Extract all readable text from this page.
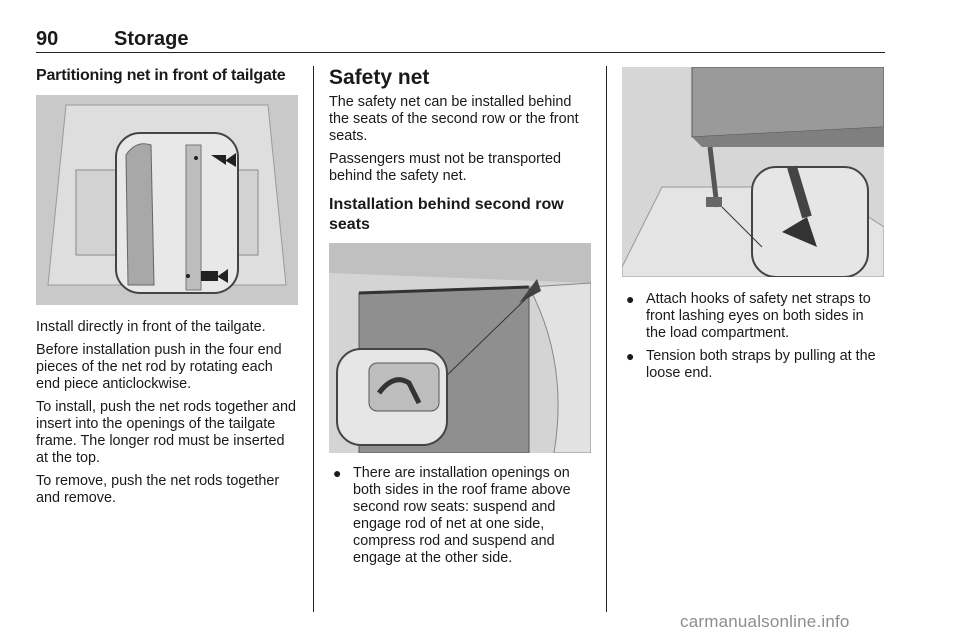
90	Storage
Partitioning net in front of tailgate

Install directly in front of the tailgate.

Before installation push in the four end pieces of the net rod by rotating each end piece anticlockwise.

To install, push the net rods together and insert into the openings of the tailgate frame. The longer rod must be inserted at the top.

To remove, push the net rods together and remove.

Safety net

The safety net can be installed behind the seats of the second row or the front seats.

Passengers must not be transported behind the safety net.

Installation behind second row seats
● There are installation openings on both sides in the roof frame above second row seats: suspend and engage rod of net at one side, compress rod and suspend and engage at the other side.
● Attach hooks of safety net straps to front lashing eyes on both sides in the load compartment.
● Tension both straps by pulling at the loose end.
carmanualsonline.info
